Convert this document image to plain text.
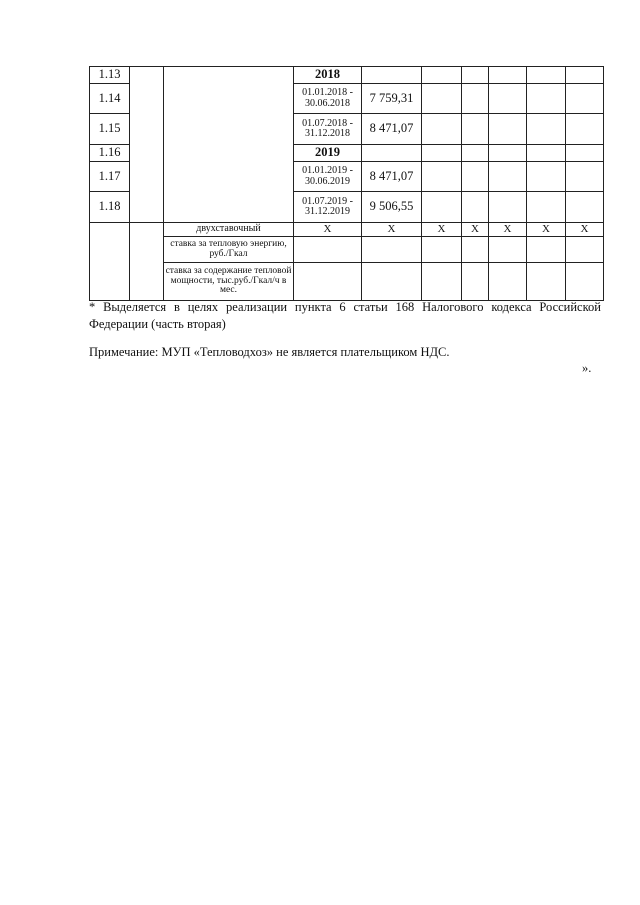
1.13			2018						
1.14			01.01.2018 - 30.06.2018	7 759,31					
1.15			01.07.2018 - 31.12.2018	8 471,07					
1.16			2019						
1.17			01.01.2019 - 30.06.2019	8 471,07					
1.18			01.07.2019 - 31.12.2019	9 506,55					
		двухставочный	Х	Х	Х	Х	Х	Х	Х
		ставка за тепловую энергию, руб./Гкал							
		ставка за содержание тепловой мощности, тыс.руб./Гкал/ч в мес.							
* Выделяется в целях реализации пункта 6 статьи 168 Налогового кодекса Российской Федерации (часть вторая)
Примечание: МУП «Тепловодхоз» не является плательщиком НДС.
».
